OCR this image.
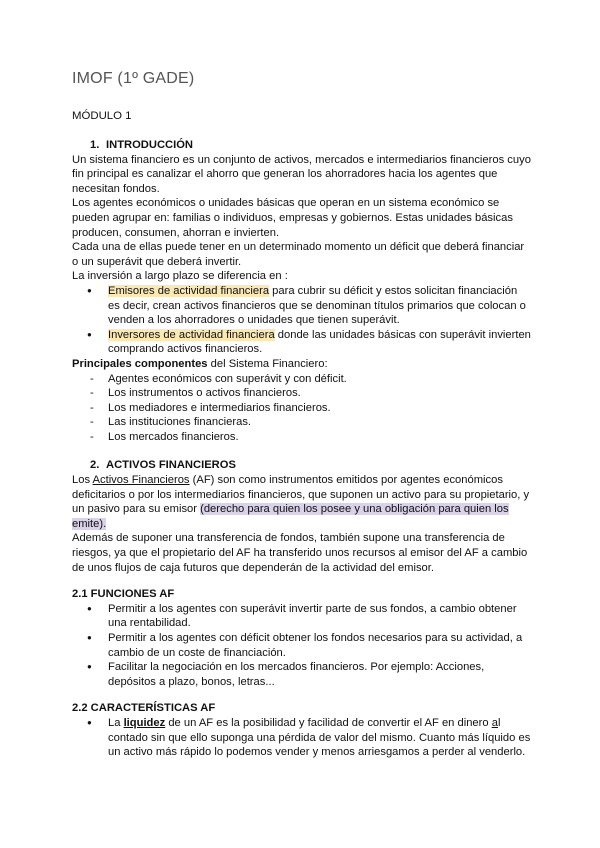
IMOF (1º GADE)
MÓDULO 1

1. INTRODUCCIÓN

Un sistema financiero es un conjunto de activos, mercados e intermediarios financieros cuyo fin principal es canalizar el ahorro que generan los ahorradores hacia los agentes que necesitan fondos.

Los agentes económicos o unidades básicas que operan en un sistema económico se pueden agrupar en: familias o individuos, empresas y gobiernos. Estas unidades básicas producen, consumen, ahorran e invierten.

Cada una de ellas puede tener en un determinado momento un déficit que deberá financiar o un superávit que deberá invertir.

La inversión a largo plazo se diferencia en :

● Emisores de actividad financiera para cubrir su déficit y estos solicitan financiación es decir, crean activos financieros que se denominan títulos primarios que colocan o venden a los ahorradores o unidades que tienen superávit.
● Inversores de actividad financiera donde las unidades básicas con superávit invierten comprando activos financieros.

Principales componentes del Sistema Financiero:

- Agentes económicos con superávit y con déficit.
- Los instrumentos o activos financieros.
- Los mediadores e intermediarios financieros.
- Las instituciones financieras.
- Los mercados financieros.

2. ACTIVOS FINANCIEROS

Los Activos Financieros (AF) son como instrumentos emitidos por agentes económicos deficitarios o por los intermediarios financieros, que suponen un activo para su propietario, y un pasivo para su emisor (derecho para quien los posee y una obligación para quien los emite).

Además de suponer una transferencia de fondos, también supone una transferencia de riesgos, ya que el propietario del AF ha transferido unos recursos al emisor del AF a cambio de unos flujos de caja futuros que dependerán de la actividad del emisor.

2.1 FUNCIONES AF

● Permitir a los agentes con superávit invertir parte de sus fondos, a cambio obtener una rentabilidad.
● Permitir a los agentes con déficit obtener los fondos necesarios para su actividad, a cambio de un coste de financiación.
● Facilitar la negociación en los mercados financieros. Por ejemplo: Acciones, depósitos a plazo, bonos, letras...

2.2 CARACTERÍSTICAS AF

● La liquidez de un AF es la posibilidad y facilidad de convertir el AF en dinero al contado sin que ello suponga una pérdida de valor del mismo. Cuanto más líquido es un activo más rápido lo podemos vender y menos arriesgamos a perder al venderlo.
